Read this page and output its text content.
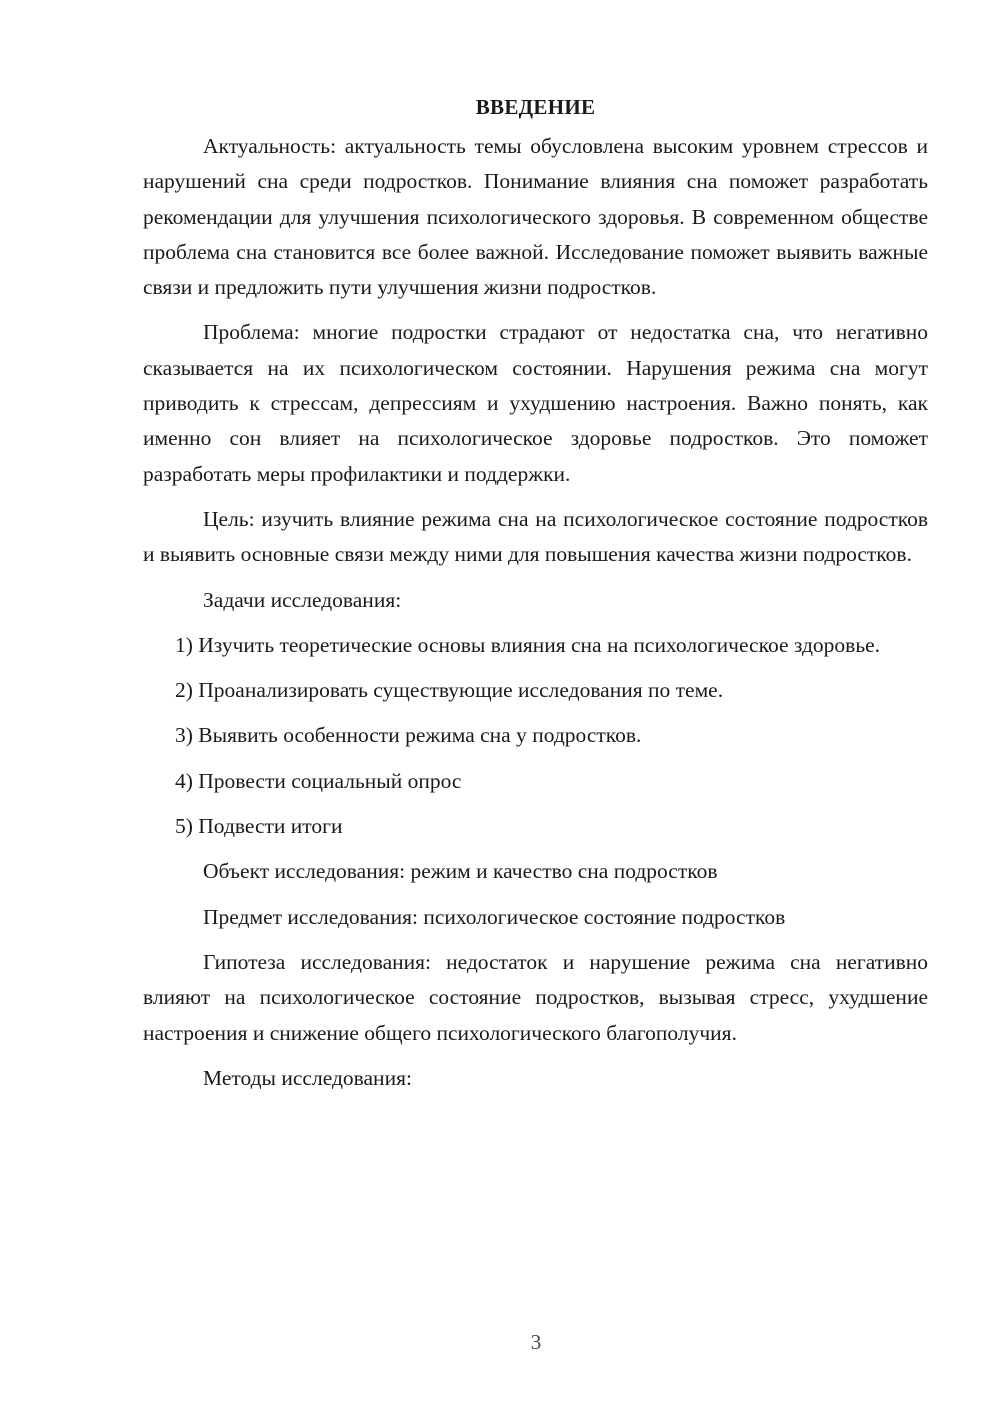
ВВЕДЕНИЕ

Актуальность: актуальность темы обусловлена высоким уровнем стрессов и нарушений сна среди подростков. Понимание влияния сна поможет разработать рекомендации для улучшения психологического здоровья. В современном обществе проблема сна становится все более важной. Исследование поможет выявить важные связи и предложить пути улучшения жизни подростков.

Проблема: многие подростки страдают от недостатка сна, что негативно сказывается на их психологическом состоянии. Нарушения режима сна могут приводить к стрессам, депрессиям и ухудшению настроения. Важно понять, как именно сон влияет на психологическое здоровье подростков. Это поможет разработать меры профилактики и поддержки.

Цель: изучить влияние режима сна на психологическое состояние подростков и выявить основные связи между ними для повышения качества жизни подростков.

Задачи исследования:

1) Изучить теоретические основы влияния сна на психологическое здоровье.

2) Проанализировать существующие исследования по теме.

3) Выявить особенности режима сна у подростков.

4) Провести социальный опрос

5) Подвести итоги

Объект исследования: режим и качество сна подростков

Предмет исследования: психологическое состояние подростков

Гипотеза исследования: недостаток и нарушение режима сна негативно влияют на психологическое состояние подростков, вызывая стресс, ухудшение настроения и снижение общего психологического благополучия.

Методы исследования:

3
